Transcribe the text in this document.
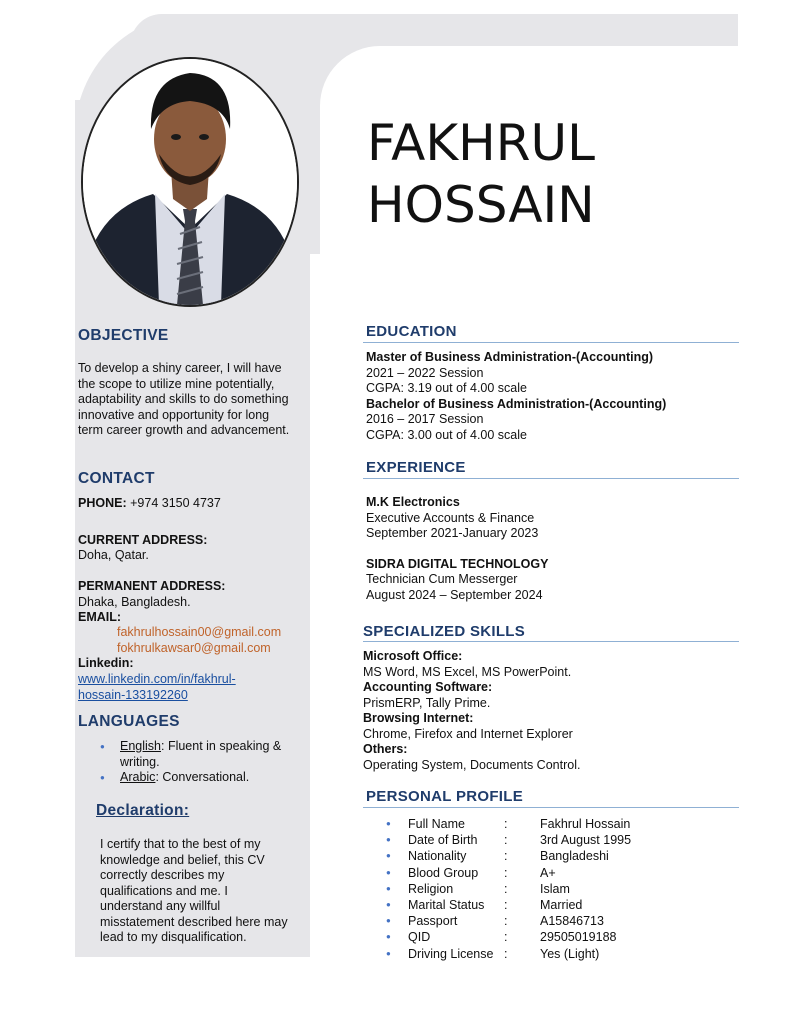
FAKHRUL
HOSSAIN
OBJECTIVE
To develop a shiny career, I will have the scope to utilize mine potentially, adaptability and skills to do something innovative and opportunity for long term career growth and advancement.
CONTACT
PHONE: +974 3150 4737
CURRENT ADDRESS:
Doha, Qatar.
PERMANENT ADDRESS:
Dhaka, Bangladesh.
EMAIL:
fakhrulhossain00@gmail.com
fokhrulkawsar0@gmail.com
Linkedin:
www.linkedin.com/in/fakhrul-
hossain-133192260
LANGUAGES
● English: Fluent in speaking & writing.
● Arabic: Conversational.
Declaration:
I certify that to the best of my knowledge and belief, this CV correctly describes my qualifications and me. I understand any willful misstatement described here may lead to my disqualification.
EDUCATION
Master of Business Administration-(Accounting)
2021 – 2022 Session
CGPA: 3.19 out of 4.00 scale
Bachelor of Business Administration-(Accounting)
2016 – 2017 Session
CGPA: 3.00 out of 4.00 scale
EXPERIENCE
M.K Electronics
Executive Accounts & Finance
September 2021-January 2023
SIDRA DIGITAL TECHNOLOGY
Technician Cum Messerger
August 2024 – September 2024
SPECIALIZED SKILLS
Microsoft Office:
MS Word, MS Excel, MS PowerPoint.
Accounting Software:
PrismERP, Tally Prime.
Browsing Internet:
Chrome, Firefox and Internet Explorer
Others:
Operating System, Documents Control.
PERSONAL PROFILE
●	Full Name	:	Fakhrul Hossain
●	Date of Birth	:	3rd August 1995
●	Nationality	:	Bangladeshi
●	Blood Group	:	A+
●	Religion	:	Islam
●	Marital Status	:	Married
●	Passport	:	A15846713
●	QID	:	29505019188
●	Driving License :	Yes (Light)
